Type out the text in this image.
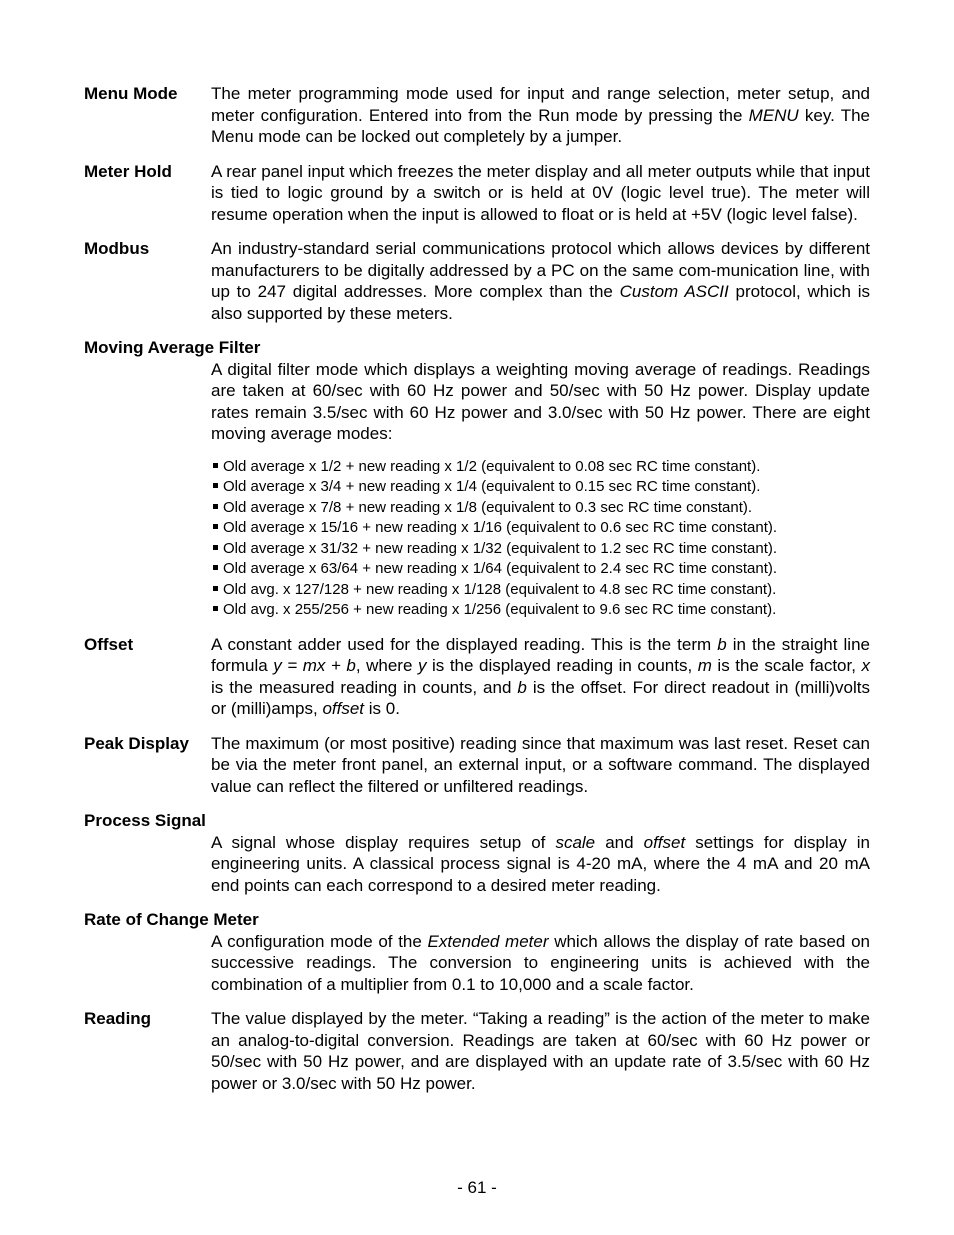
Menu Mode	The meter programming mode used for input and range selection, meter setup, and meter configuration. Entered into from the Run mode by pressing the MENU key. The Menu mode can be locked out completely by a jumper.
Meter Hold	A rear panel input which freezes the meter display and all meter outputs while that input is tied to logic ground by a switch or is held at 0V (logic level true). The meter will resume operation when the input is allowed to float or is held at +5V (logic level false).
Modbus	An industry-standard serial communications protocol which allows devices by different manufacturers to be digitally addressed by a PC on the same com-munication line, with up to 247 digital addresses. More complex than the Custom ASCII protocol, which is also supported by these meters.
Moving Average Filter
A digital filter mode which displays a weighting moving average of readings. Readings are taken at 60/sec with 60 Hz power and 50/sec with 50 Hz power. Display update rates remain 3.5/sec with 60 Hz power and 3.0/sec with 50 Hz power. There are eight moving average modes:
Old average x 1/2 + new reading x 1/2 (equivalent to 0.08 sec RC time constant).
Old average x 3/4 + new reading x 1/4 (equivalent to 0.15 sec RC time constant).
Old average x 7/8 + new reading x 1/8 (equivalent to 0.3 sec RC time constant).
Old average x 15/16 + new reading x 1/16 (equivalent to 0.6 sec RC time constant).
Old average x 31/32 + new reading x 1/32 (equivalent to 1.2 sec RC time constant).
Old average x 63/64 + new reading x 1/64 (equivalent to 2.4 sec RC time constant).
Old avg. x 127/128 + new reading x 1/128 (equivalent to 4.8 sec RC time constant).
Old avg. x 255/256 + new reading x 1/256 (equivalent to 9.6 sec RC time constant).
Offset	A constant adder used for the displayed reading. This is the term b in the straight line formula y = mx + b, where y is the displayed reading in counts, m is the scale factor, x is the measured reading in counts, and b is the offset. For direct readout in (milli)volts or (milli)amps, offset is 0.
Peak Display	The maximum (or most positive) reading since that maximum was last reset. Reset can be via the meter front panel, an external input, or a software command. The displayed value can reflect the filtered or unfiltered readings.
Process Signal
A signal whose display requires setup of scale and offset settings for display in engineering units. A classical process signal is 4-20 mA, where the 4 mA and 20 mA end points can each correspond to a desired meter reading.
Rate of Change Meter
A configuration mode of the Extended meter which allows the display of rate based on successive readings. The conversion to engineering units is achieved with the combination of a multiplier from 0.1 to 10,000 and a scale factor.
Reading	The value displayed by the meter. “Taking a reading” is the action of the meter to make an analog-to-digital conversion. Readings are taken at 60/sec with 60 Hz power or 50/sec with 50 Hz power, and are displayed with an update rate of 3.5/sec with 60 Hz power or 3.0/sec with 50 Hz power.
- 61 -
